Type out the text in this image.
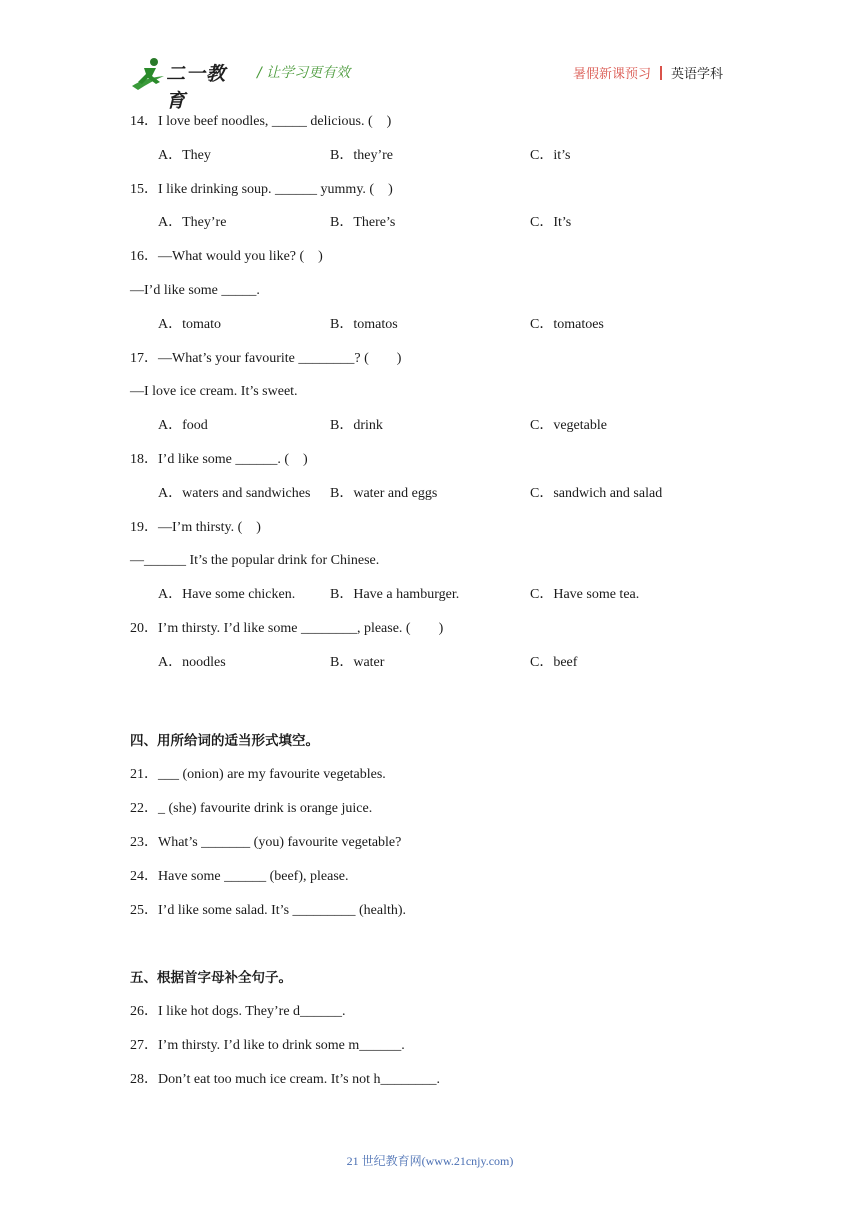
二一教育
/ 让学习更有效	暑假新课预习 英语学科
14．I love beef noodles, _____ delicious. (　)
A．They	B．they’re	C．it’s
15．I like drinking soup. ______ yummy. (　)
A．They’re	B．There’s	C．It’s
16．—What would you like? (　)
—I’d like some _____.
A．tomato	B．tomatos	C．tomatoes
17．—What’s your favourite ________? (　　)
—I love ice cream. It’s sweet.
A．food	B．drink	C．vegetable
18．I’d like some ______. (　)
A．waters and sandwiches B．water and eggs	C．sandwich and salad
19．—I’m thirsty. (　)
—______ It’s the popular drink for Chinese.
A．Have some chicken. B．Have a hamburger.	C．Have some tea.
20．I’m thirsty. I’d like some ________, please. (　　)
A．noodles	B．water	C．beef
四、用所给词的适当形式填空。
21．___ (onion) are my favourite vegetables.
22．_ (she) favourite drink is orange juice.
23．What’s _______ (you) favourite vegetable?
24．Have some ______ (beef), please.
25．I’d like some salad. It’s _________ (health).
五、根据首字母补全句子。
26．I like hot dogs. They’re d______.
27．I’m thirsty. I’d like to drink some m______.
28．Don’t eat too much ice cream. It’s not h________.
21 世纪教育网(www.21cnjy.com)
